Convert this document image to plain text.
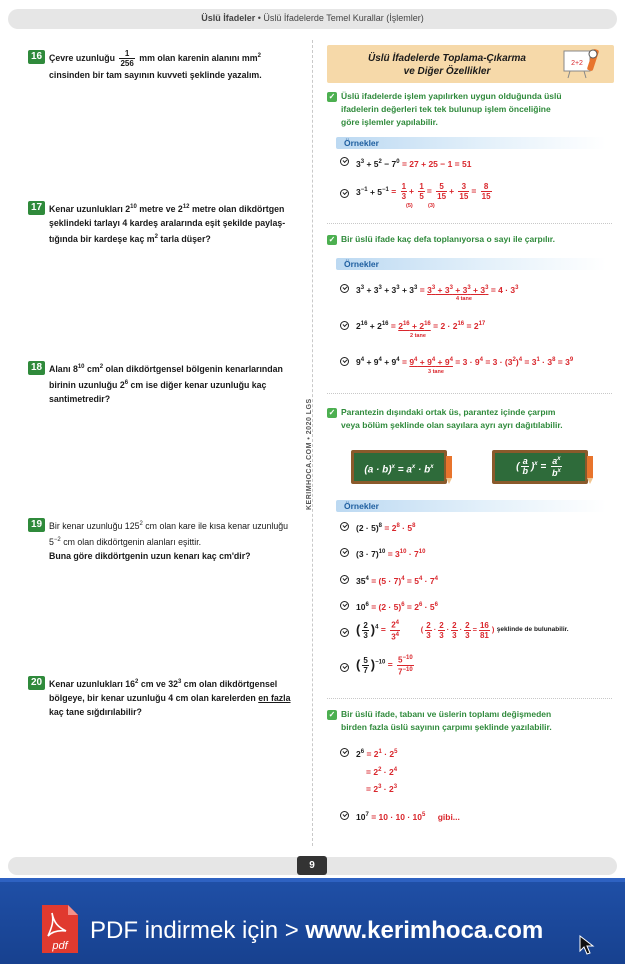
Üslü İfadeler • Üslü İfadelerde Temel Kurallar (İşlemler)
KERIMHOCA.COM • 2020 LGS
16 Çevre uzunluğu $\frac{1}{256}$ mm olan karenin alanını $mm^2$
cinsinden bir tam sayının kuvveti şeklinde yazalım.
17 Kenar uzunlukları $2^{10}$ metre ve $2^{12}$ metre olan dikdörtgen
şeklindeki tarlayı 4 kardeş aralarında eşit şekilde paylaş-
tığında bir kardeşe kaç $m^2$ tarla düşer?
18 Alanı $8^{10}$ $cm^2$ olan dikdörtgensel bölgenin kenarlarından
birinin uzunluğu $2^6$ cm ise diğer kenar uzunluğu kaç
santimetredir?
19 Bir kenar uzunluğu $125^2$ cm olan kare ile kısa kenar uzunluğu
$5^{-2}$ cm olan dikdörtgenin alanları eşittir.
Buna göre dikdörtgenin uzun kenarı kaç cm'dir?
20 Kenar uzunlukları $16^2$ cm ve $32^3$ cm olan dikdörtgensel
bölgeye, bir kenar uzunluğu 4 cm olan karelerden en fazla
kaç tane sığdırılabilir?
Üslü İfadelerde Toplama-Çıkarma
ve Diğer Özellikler
2+2
✓ Üslü ifadelerde işlem yapılırken uygun olduğunda üslü
ifadelerin değerleri tek tek bulunup işlem önceliğine
göre işlemler yapılabilir.
Örnekler
$3^3 + 5^2 - 7^0 = 27 + 25 - 1 = 51$
$3^{-1} + 5^{-1} = \frac{1}{3} + \frac{1}{5} = \frac{5}{15} + \frac{3}{15} = \frac{8}{15}$
(5)	(3)
✓ Bir üslü ifade kaç defa toplanıyorsa o sayı ile çarpılır.
Örnekler
$3^3 + 3^3 + 3^3 + 3^3 = 3^3 + 3^3 + 3^3 + 3^3 = 4 \cdot 3^3$
4 tane
$2^{16} + 2^{16} = 2^{16} + 2^{16} = 2 \cdot 2^{16} = 2^{17}$
2 tane
$9^4 + 9^4 + 9^4 = 9^4 + 9^4 + 9^4 = 3 \cdot 9^4 = 3 \cdot (3^2)^4 = 3^1 \cdot 3^8 = 3^9$
3 tane
✓ Parantezin dışındaki ortak üs, parantez içinde çarpım
veya bölüm şeklinde olan sayılara ayrı ayrı dağıtılabilir.
$(a \cdot b)^x = a^x \cdot b^x$	( $\frac{a}{b} )^x = \frac{a^x}{b^x}$
Örnekler
$(2 \cdot 5)^8 = 2^8 \cdot 5^8$
$(3 \cdot 7)^{10} = 3^{10} \cdot 7^{10}$
$35^4 = (5 \cdot 7)^4 = 5^4 \cdot 7^4$
$10^6 = (2 \cdot 5)^6 = 2^6 \cdot 5^6$
( $\frac{2}{3} )^4 = \frac{2^4}{3^4}$	( $\frac{2}{3} \cdot \frac{2}{3} \cdot \frac{2}{3} \cdot \frac{2}{3} = \frac{16}{81}$ ) şeklinde de bulunabilir.
( $\frac{5}{7} )^{-10} = \frac{5^{-10}}{7^{-10}}$
✓ Bir üslü ifade, tabanı ve üslerin toplamı değişmeden
birden fazla üslü sayının çarpımı şeklinde yazılabilir.
$2^6 = 2^1 \cdot 2^5$
= $2^2 \cdot 2^4$
= $2^3 \cdot 2^3$
$10^7 = 10 \cdot 10 \cdot 10^5$ gibi...
9
pdf
PDF indirmek için > www.kerimhoca.com
